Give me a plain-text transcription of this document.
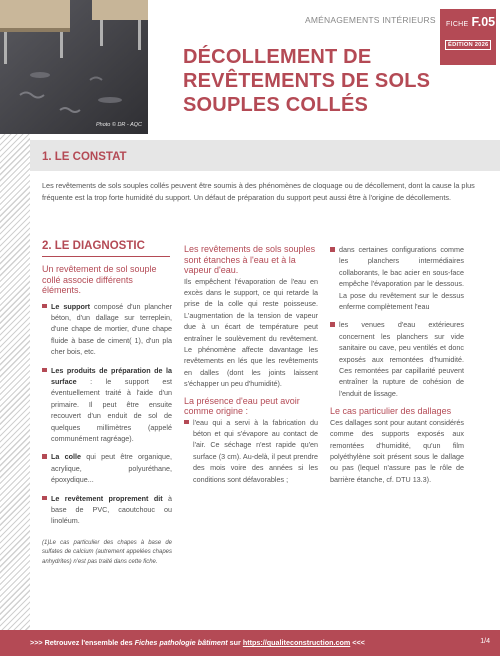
Photo © DR - AQC
AMÉNAGEMENTS INTÉRIEURS FICHE F.05
ÉDITION 2026
DÉCOLLEMENT DE REVÊTEMENTS DE SOLS SOUPLES COLLÉS
1. LE CONSTAT

Les revêtements de sols souples collés peuvent être soumis à des phénomènes de cloquage ou de décollement, dont la cause la plus fréquente est la trop forte humidité du support. Un défaut de préparation du support peut aussi être à l'origine de décollements.

2. LE DIAGNOSTIC
Un revêtement de sol souple collé associe différents éléments.
Le support composé d'un plancher béton, d'un dallage sur terreplein, d'une chape de mortier, d'une chape fluide à base de ciment( 1), d'un pla cher bois, etc.
Les produits de préparation de la surface : le support est éventuellement traité à l'aide d'un primaire. Il peut être ensuite recouvert d'un enduit de sol de quelques millimètres (appelé communément ragréage).
La colle qui peut être organique, acrylique, polyuréthane, époxydique...
Le revêtement proprement dit à base de PVC, caoutchouc ou linoléum.

(1)Le cas particulier des chapes à base de sulfates de calcium (autrement appelées chapes anhydrites) n'est pas traité dans cette fiche.

Les revêtements de sols souples sont étanches à l'eau et à la vapeur d'eau.

Ils empêchent l'évaporation de l'eau en excès dans le support, ce qui retarde la prise de la colle qui reste poisseuse. L'augmentation de la tension de vapeur due à un écart de température peut entraîner le soulèvement du revêtement. Le phénomène affecte davantage les revêtements en lés que les revêtements en dalles (dont les joints laissent s'échapper un peu d'humidité).

La présence d'eau peut avoir comme origine :
l'eau qui a servi à la fabrication du béton et qui s'évapore au contact de l'air. Ce séchage n'est rapide qu'en surface (3 cm). Au-delà, il peut prendre des mois voire des années si les conditions sont défavorables ;
dans certaines configurations comme les planchers intermédiaires collaborants, le bac acier en sous-face empêche l'évaporation par le dessous. La pose du revêtement sur le dessus enferme complètement l'eau
les venues d'eau extérieures concernent les planchers sur vide sanitaire ou cave, peu ventilés et donc exposés aux remontées d'humidité. Ces remontées par capillarité peuvent entraîner la rupture de cohésion de l'enduit de lissage.
Le cas particulier des dallages

Ces dallages sont pour autant considérés comme des supports exposés aux remontées d'humidité, qu'un film polyéthylène soit présent sous le dallage ou pas (lequel n'assure pas le rôle de barrière étanche, cf. DTU 13.3).

>>> Retrouvez l'ensemble des Fiches pathologie bâtiment sur https://qualiteconstruction.com <<<	1/4
